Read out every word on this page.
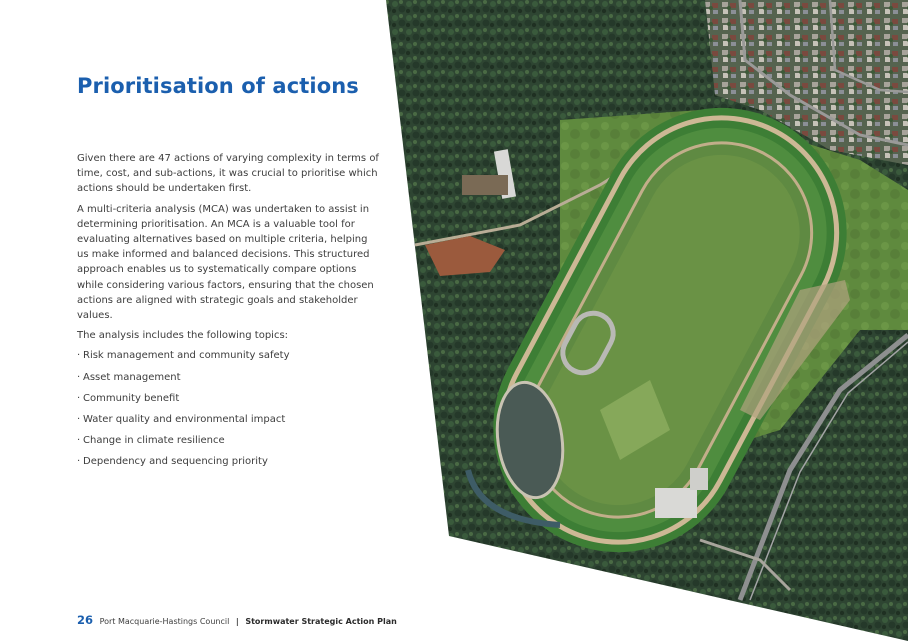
Prioritisation of actions

Given there are 47 actions of varying complexity in terms of time, cost, and sub-actions, it was crucial to prioritise which actions should be undertaken first.

A multi-criteria analysis (MCA) was undertaken to assist in determining prioritisation. An MCA is a valuable tool for evaluating alternatives based on multiple criteria, helping us make informed and balanced decisions. This structured approach enables us to systematically compare options while considering various factors, ensuring that the chosen actions are aligned with strategic goals and stakeholder values.

The analysis includes the following topics:

· Risk management and community safety
· Asset management
· Community benefit
· Water quality and environmental impact
· Change in climate resilience
· Dependency and sequencing priority
26 Port Macquarie-Hastings Council | Stormwater Strategic Action Plan
